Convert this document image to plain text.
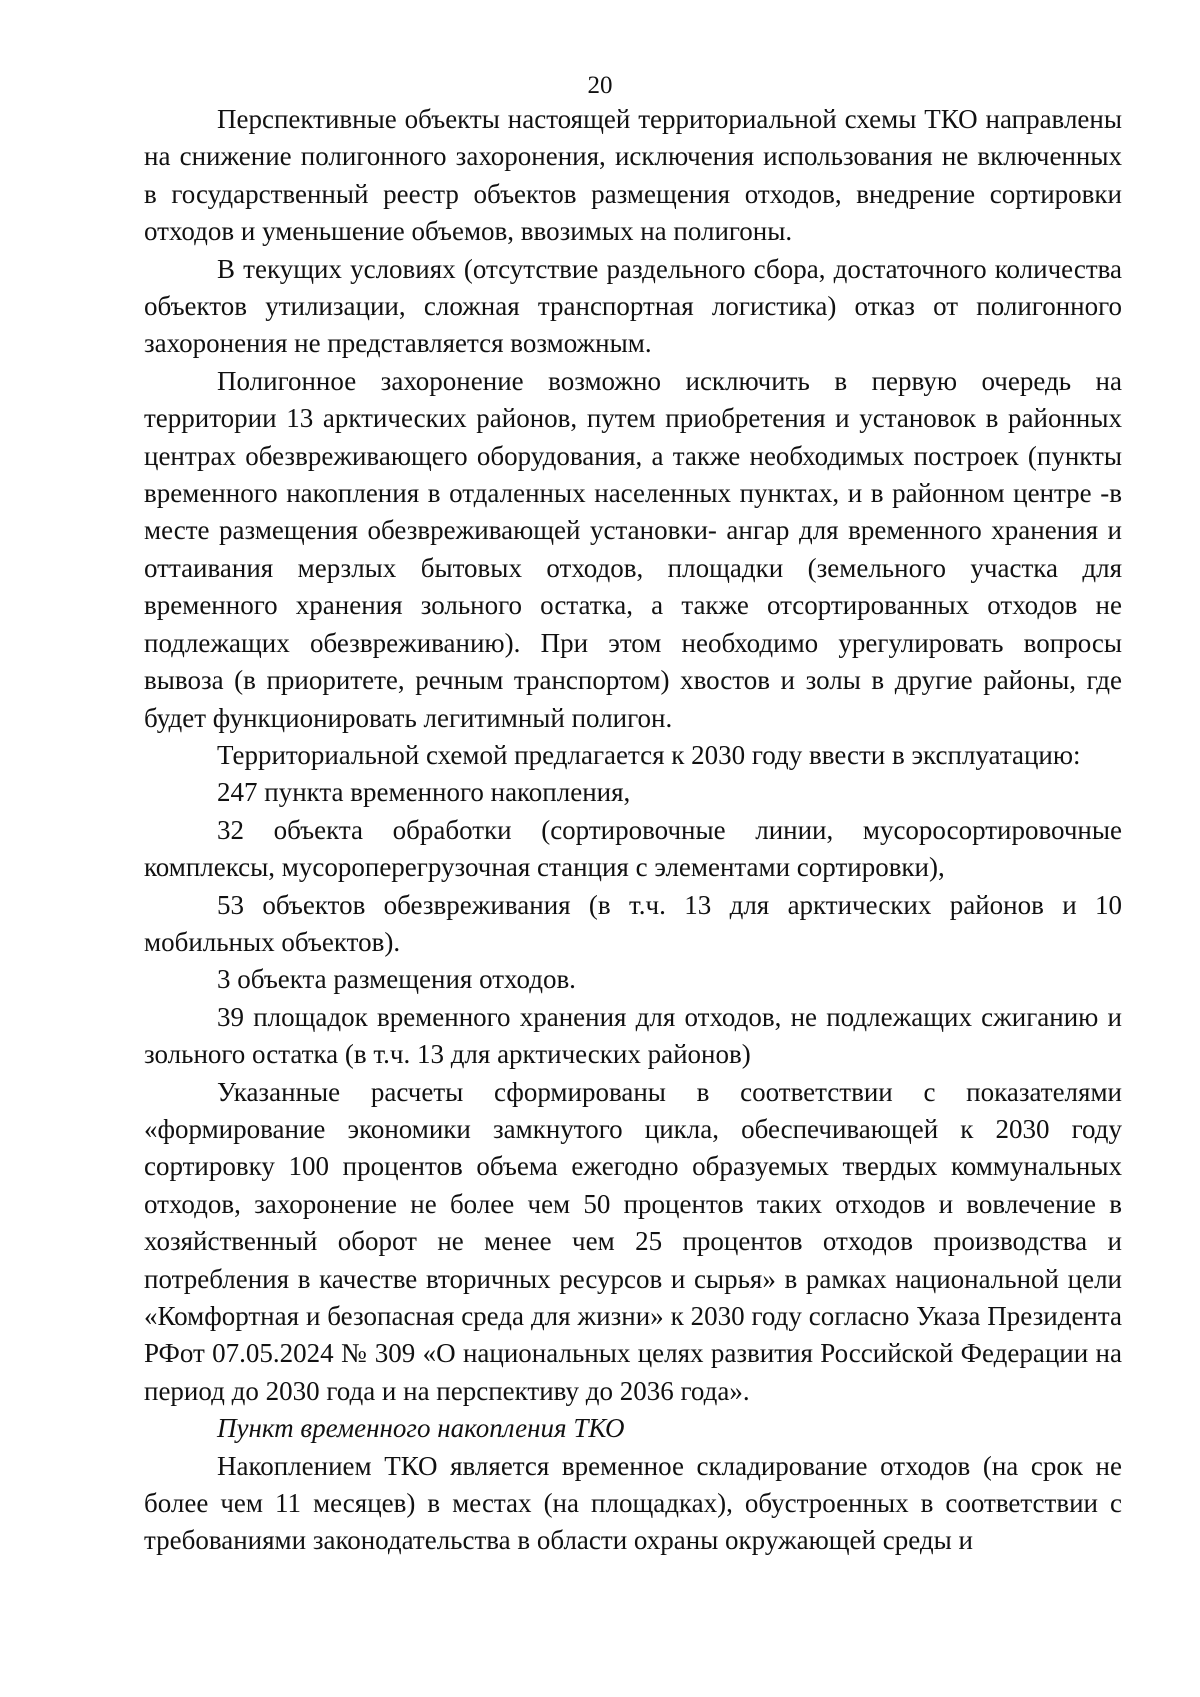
20

Перспективные объекты настоящей территориальной схемы ТКО направлены на снижение полигонного захоронения, исключения использования не включенных в государственный реестр объектов размещения отходов, внедрение сортировки отходов и уменьшение объемов, ввозимых на полигоны.

В текущих условиях (отсутствие раздельного сбора, достаточного количества объектов утилизации, сложная транспортная логистика) отказ от полигонного захоронения не представляется возможным.

Полигонное захоронение возможно исключить в первую очередь на территории 13 арктических районов, путем приобретения и установок в районных центрах обезвреживающего оборудования, а также необходимых построек (пункты временного накопления в отдаленных населенных пунктах, и в районном центре -в месте размещения обезвреживающей установки- ангар для временного хранения и оттаивания мерзлых бытовых отходов, площадки (земельного участка для временного хранения зольного остатка, а также отсортированных отходов не подлежащих обезвреживанию). При этом необходимо урегулировать вопросы вывоза (в приоритете, речным транспортом) хвостов и золы в другие районы, где будет функционировать легитимный полигон.

Территориальной схемой предлагается к 2030 году ввести в эксплуатацию:

247 пункта временного накопления,

32 объекта обработки (сортировочные линии, мусоросортировочные комплексы, мусороперегрузочная станция с элементами сортировки),

53 объектов обезвреживания (в т.ч. 13 для арктических районов и 10 мобильных объектов).

3 объекта размещения отходов.

39 площадок временного хранения для отходов, не подлежащих сжиганию и зольного остатка (в т.ч. 13 для арктических районов)

Указанные расчеты сформированы в соответствии с показателями «формирование экономики замкнутого цикла, обеспечивающей к 2030 году сортировку 100 процентов объема ежегодно образуемых твердых коммунальных отходов, захоронение не более чем 50 процентов таких отходов и вовлечение в хозяйственный оборот не менее чем 25 процентов отходов производства и потребления в качестве вторичных ресурсов и сырья» в рамках национальной цели «Комфортная и безопасная среда для жизни» к 2030 году согласно Указа Президента РФот 07.05.2024 № 309 «О национальных целях развития Российской Федерации на период до 2030 года и на перспективу до 2036 года».

Пункт временного накопления ТКО

Накоплением ТКО является временное складирование отходов (на срок не более чем 11 месяцев) в местах (на площадках), обустроенных в соответствии с требованиями законодательства в области охраны окружающей среды и
